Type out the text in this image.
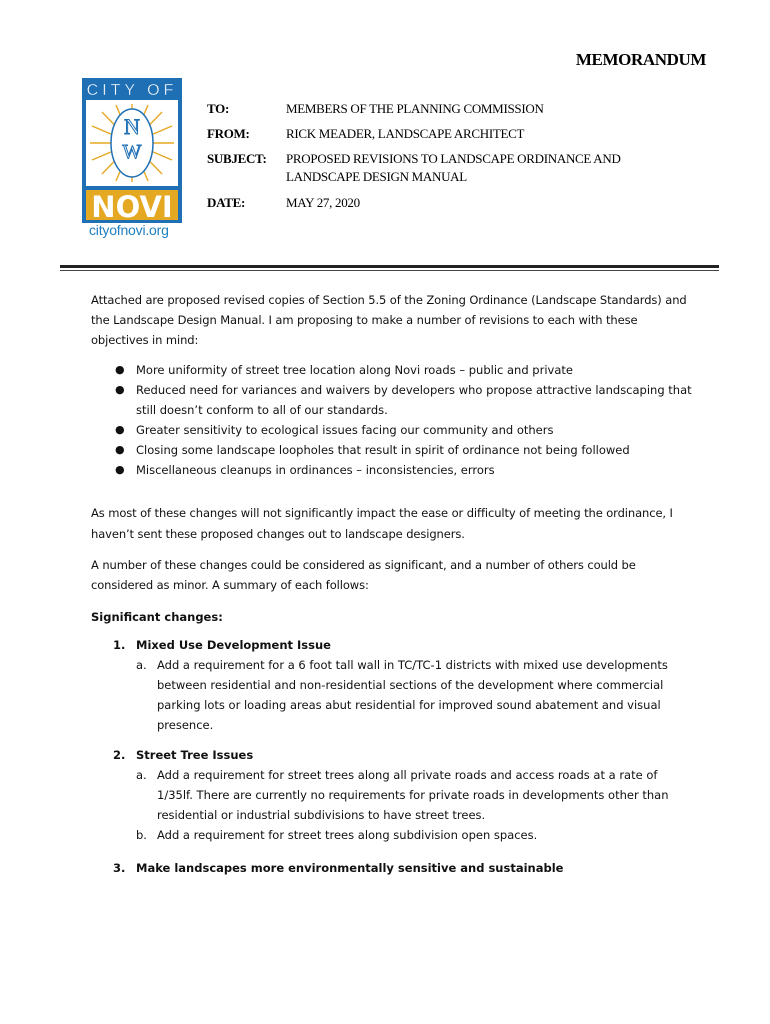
MEMORANDUM
CITY OF
N
W
NOVI
cityofnovi.org
TO:	MEMBERS OF THE PLANNING COMMISSION
FROM:	RICK MEADER, LANDSCAPE ARCHITECT
SUBJECT: PROPOSED REVISIONS TO LANDSCAPE ORDINANCE AND
LANDSCAPE DESIGN MANUAL
DATE:	MAY 27, 2020
Attached are proposed revised copies of Section 5.5 of the Zoning Ordinance (Landscape Standards) and the Landscape Design Manual. I am proposing to make a number of revisions to each with these objectives in mind:
● More uniformity of street tree location along Novi roads – public and private
● Reduced need for variances and waivers by developers who propose attractive landscaping that still doesn’t conform to all of our standards.
● Greater sensitivity to ecological issues facing our community and others
● Closing some landscape loopholes that result in spirit of ordinance not being followed
● Miscellaneous cleanups in ordinances – inconsistencies, errors
As most of these changes will not significantly impact the ease or difficulty of meeting the ordinance, I haven’t sent these proposed changes out to landscape designers.
A number of these changes could be considered as significant, and a number of others could be considered as minor. A summary of each follows:
Significant changes:
1. Mixed Use Development Issue
a. Add a requirement for a 6 foot tall wall in TC/TC-1 districts with mixed use developments between residential and non-residential sections of the development where commercial parking lots or loading areas abut residential for improved sound abatement and visual presence.
2. Street Tree Issues
a. Add a requirement for street trees along all private roads and access roads at a rate of 1/35lf. There are currently no requirements for private roads in developments other than residential or industrial subdivisions to have street trees.
b. Add a requirement for street trees along subdivision open spaces.
3. Make landscapes more environmentally sensitive and sustainable
